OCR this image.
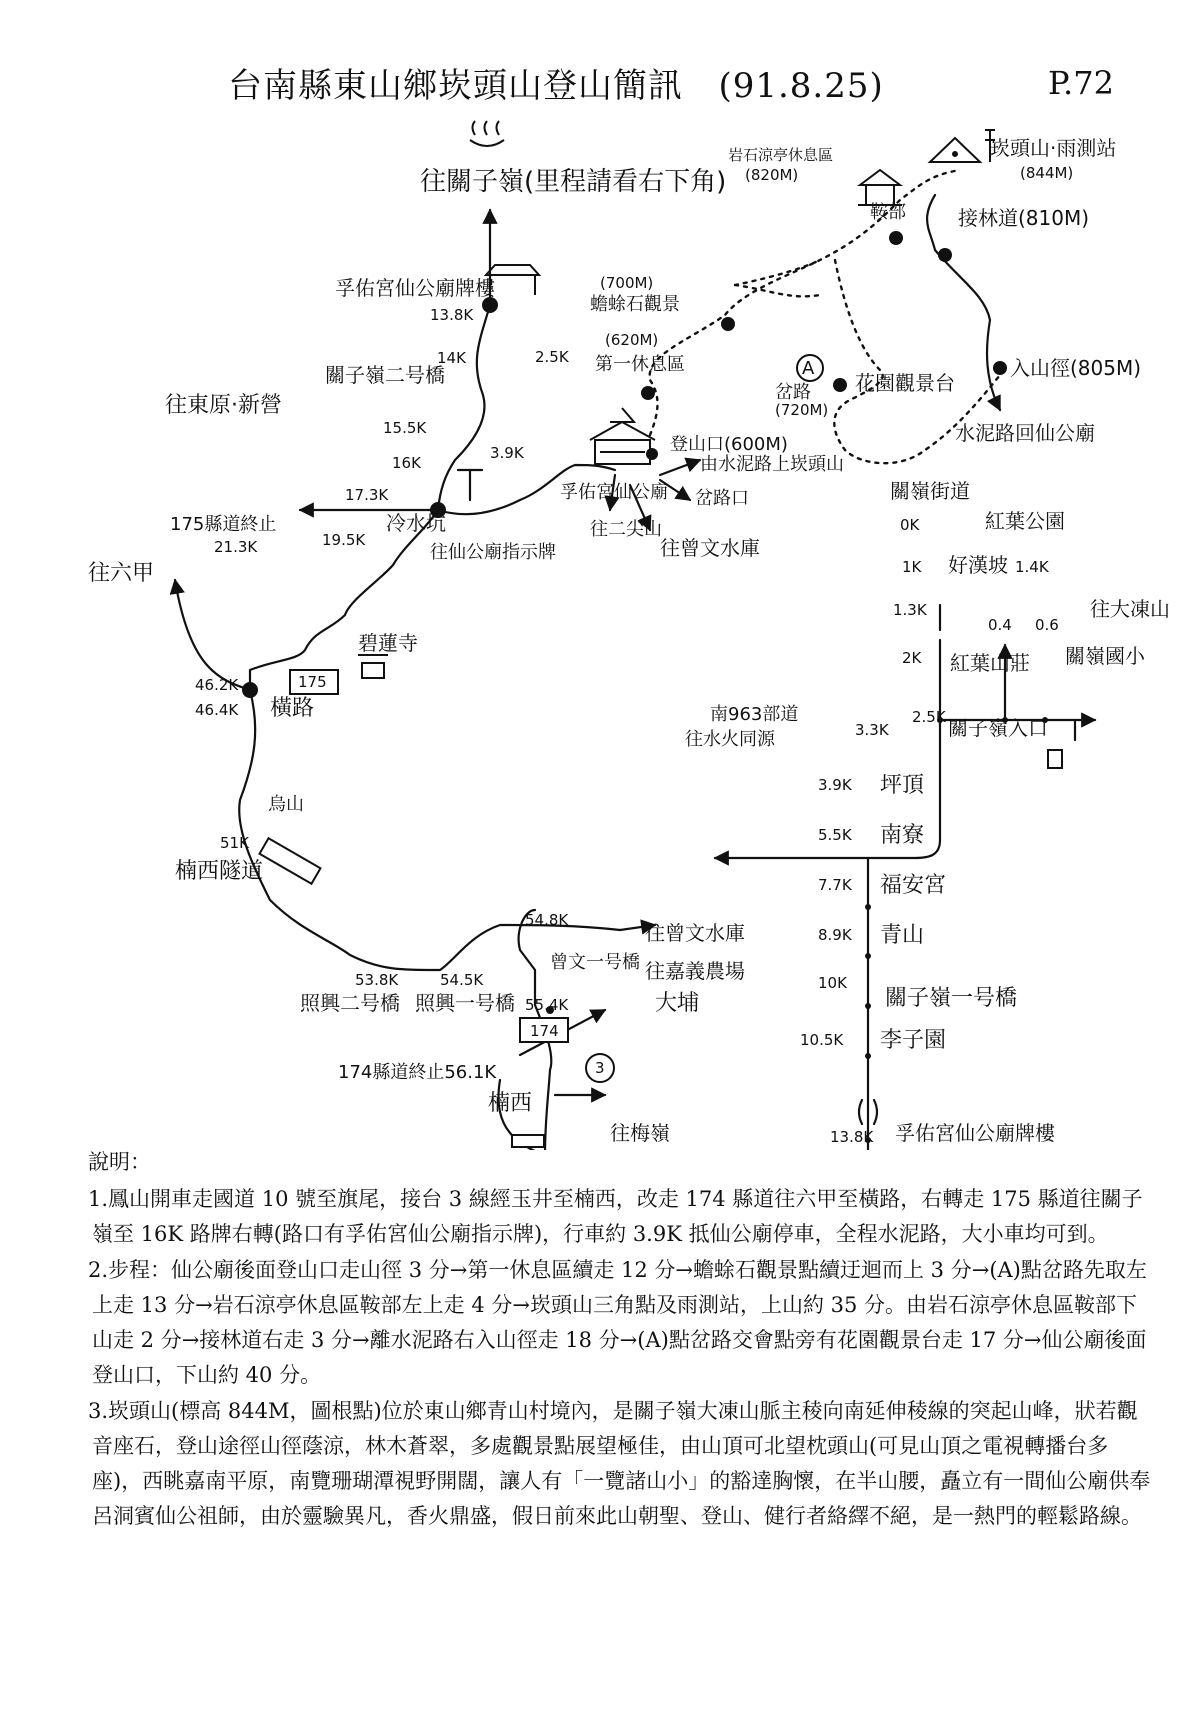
台南縣東山鄉崁頭山登山簡訊 (91.8.25)	P.72
往關子嶺(里程請看右下角)
孚佑宮仙公廟牌樓
13.8K
14K	2.5K
關子嶺二号橋
往東原·新營
15.5K
16K
3.9K
17.3K
冷水坑
往仙公廟指示牌
19.5K
175縣道終止
21.3K
175
碧蓮寺
往六甲
46.2K
46.4K 橫路
烏山
51K
楠西隧道
53.8K	54.5K
54.8K
55.4K
照興二号橋 照興一号橋
曾文一号橋
往曾文水庫
往嘉義農場
大埔
174
174縣道終止56.1K
楠西
往梅嶺
3
孚佑宮仙公廟
登山口(600M)
由水泥路上崁頭山
岔路口
往二尖山
往曾文水庫
(620M)
第一休息區
(700M)
蟾蜍石觀景
岩石涼亭休息區
(820M)
崁頭山·雨測站
(844M)
鞍部
A
岔路
(720M)
花園觀景台
接林道(810M)
入山徑(805M)
水泥路回仙公廟
關嶺街道
紅葉公園
0K
1K
1.3K
2K
3.3K
2.5K
好漢坡 1.4K
0.4 0.6
往大凍山
紅葉山莊 關嶺國小
南963部道
往水火同源	關子嶺入口
3.9K 坪頂
5.5K 南寮
7.7K 福安宮
8.9K 青山
10K
關子嶺一号橋
10.5K 李子園
13.8K 孚佑宮仙公廟牌樓
說明：
1.鳳山開車走國道 10 號至旗尾，接台 3 線經玉井至楠西，改走 174 縣道往六甲至橫路，右轉走 175 縣道往關子嶺至 16K 路牌右轉(路口有孚佑宮仙公廟指示牌)，行車約 3.9K 抵仙公廟停車，全程水泥路，大小車均可到。
2.步程：仙公廟後面登山口走山徑 3 分→第一休息區續走 12 分→蟾蜍石觀景點續迂迴而上 3 分→(A)點岔路先取左上走 13 分→岩石涼亭休息區鞍部左上走 4 分→崁頭山三角點及雨測站，上山約 35 分。由岩石涼亭休息區鞍部下山走 2 分→接林道右走 3 分→離水泥路右入山徑走 18 分→(A)點岔路交會點旁有花園觀景台走 17 分→仙公廟後面登山口，下山約 40 分。
3.崁頭山(標高 844M，圖根點)位於東山鄉青山村境內，是關子嶺大凍山脈主稜向南延伸稜線的突起山峰，狀若觀音座石，登山途徑山徑蔭涼，林木蒼翠，多處觀景點展望極佳，由山頂可北望枕頭山(可見山頂之電視轉播台多座)，西眺嘉南平原，南覽珊瑚潭視野開闊，讓人有「一覽諸山小」的豁達胸懷，在半山腰，矗立有一間仙公廟供奉呂洞賓仙公祖師，由於靈驗異凡，香火鼎盛，假日前來此山朝聖、登山、健行者絡繹不絕，是一熱門的輕鬆路線。
